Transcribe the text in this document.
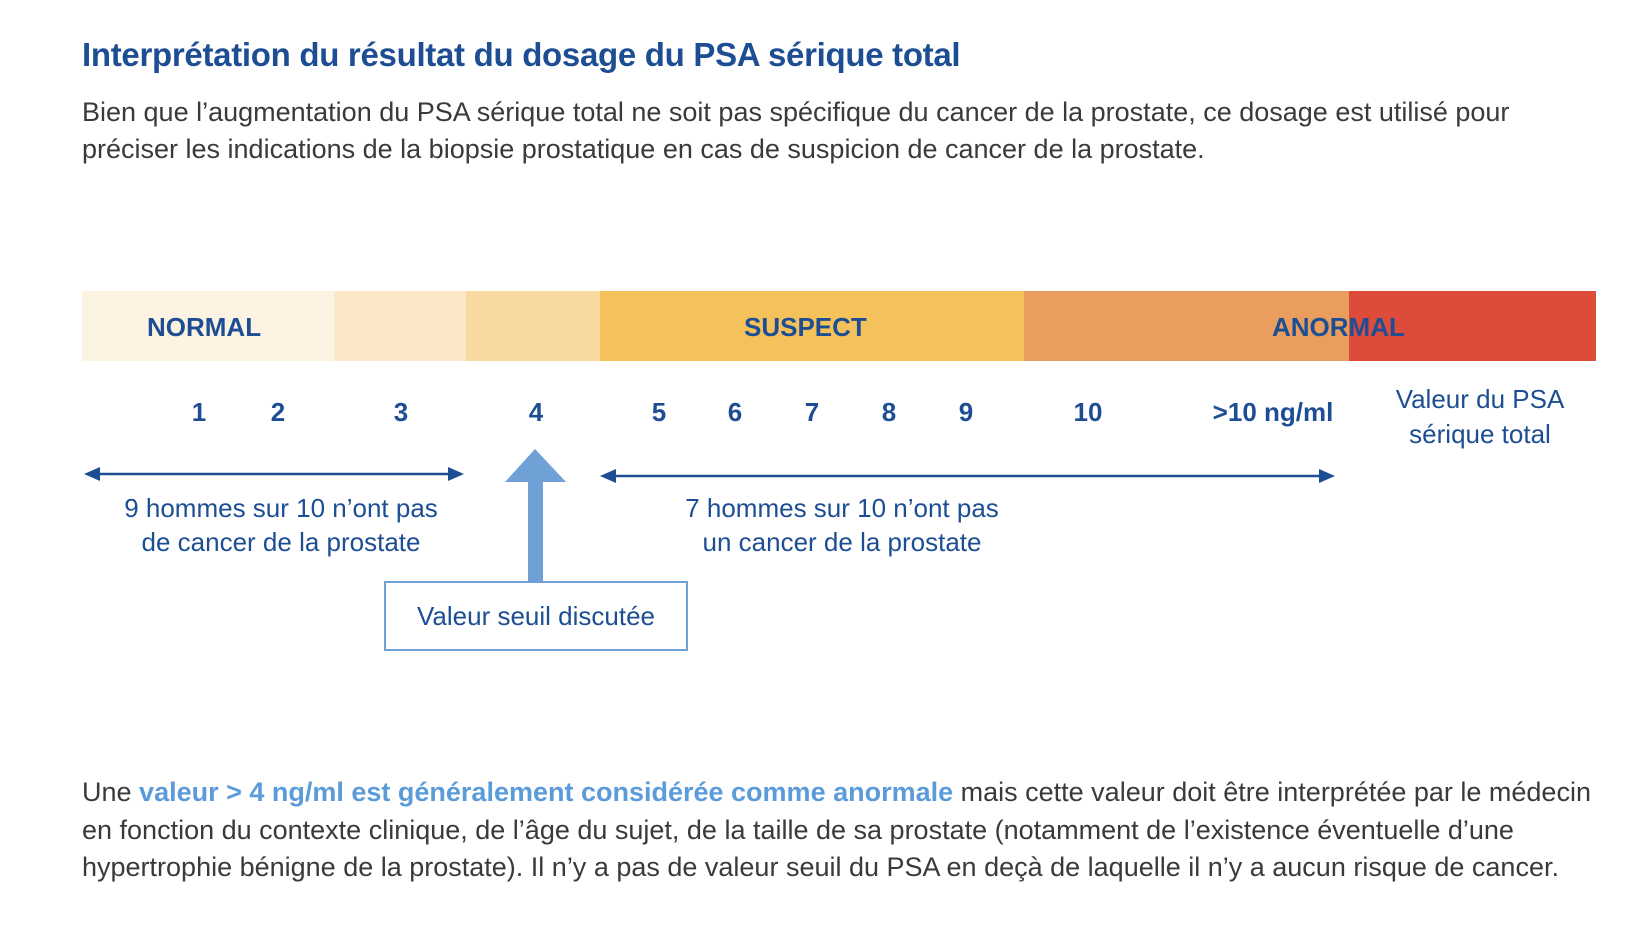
Interprétation du résultat du dosage du PSA sérique total

Bien que l’augmentation du PSA sérique total ne soit pas spécifique du cancer de la prostate, ce dosage est utilisé pour préciser les indications de la biopsie prostatique en cas de suspicion de cancer de la prostate.

NORMAL	SUSPECT	ANORMAL
1 2	3	4	5 6 7 8 9	10	>10 ng/ml	Valeur du PSA
sérique total
9 hommes sur 10 n’ont pas
de cancer de la prostate
7 hommes sur 10 n’ont pas
un cancer de la prostate
Valeur seuil discutée

Une valeur > 4 ng/ml est généralement considérée comme anormale mais cette valeur doit être interprétée par le médecin en fonction du contexte clinique, de l’âge du sujet, de la taille de sa prostate (notamment de l’existence éventuelle d’une hypertrophie bénigne de la prostate). Il n’y a pas de valeur seuil du PSA en deçà de laquelle il n’y a aucun risque de cancer.
